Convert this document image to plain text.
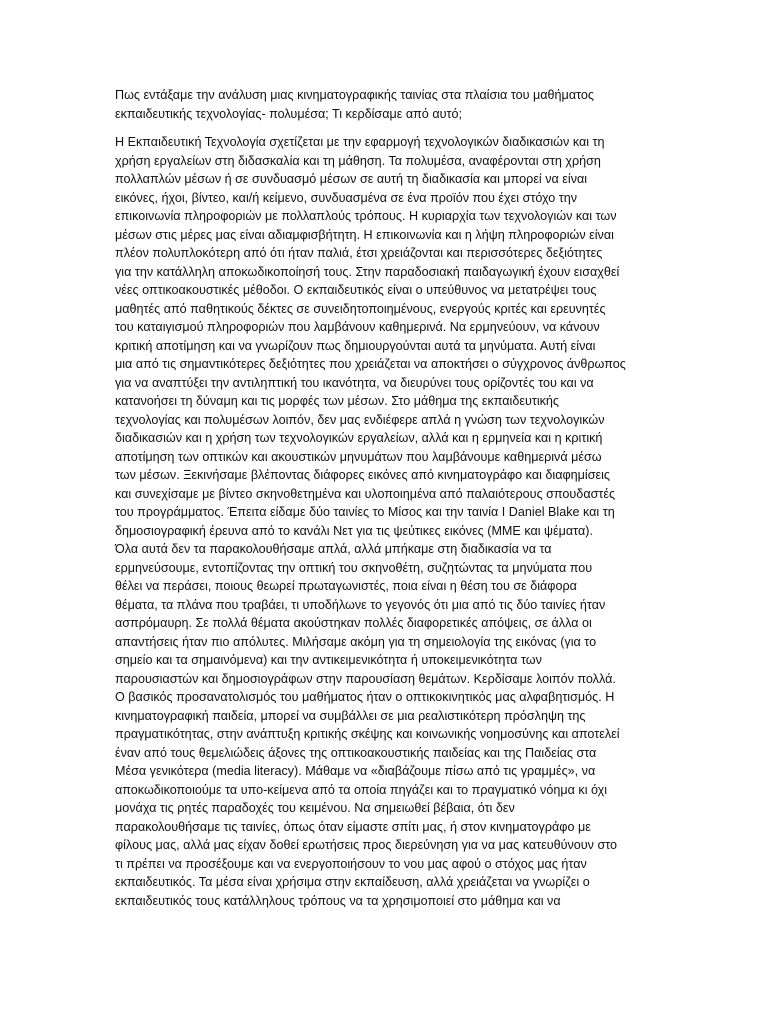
Πως εντάξαμε την ανάλυση μιας κινηματογραφικής ταινίας στα πλαίσια του μαθήματος
εκπαιδευτικής τεχνολογίας- πολυμέσα; Τι κερδίσαμε από αυτό;
Η Εκπαιδευτική Τεχνολογία σχετίζεται με την εφαρμογή τεχνολογικών διαδικασιών και τη
χρήση εργαλείων στη διδασκαλία και τη μάθηση. Τα πολυμέσα, αναφέρονται στη χρήση
πολλαπλών μέσων ή σε συνδυασμό μέσων σε αυτή τη διαδικασία και μπορεί να είναι
εικόνες, ήχοι, βίντεο, και/ή κείμενο, συνδυασμένα σε ένα προϊόν που έχει στόχο την
επικοινωνία πληροφοριών με πολλαπλούς τρόπους. Η κυριαρχία των τεχνολογιών και των
μέσων στις μέρες μας είναι αδιαμφισβήτητη. Η επικοινωνία και η λήψη πληροφοριών είναι
πλέον πολυπλοκότερη από ότι ήταν παλιά, έτσι χρειάζονται και περισσότερες δεξιότητες
για την κατάλληλη αποκωδικοποίησή τους. Στην παραδοσιακή παιδαγωγική έχουν εισαχθεί
νέες οπτικοακουστικές μέθοδοι. Ο εκπαιδευτικός είναι ο υπεύθυνος να μετατρέψει τους
μαθητές από παθητικούς δέκτες σε συνειδητοποιημένους, ενεργούς κριτές και ερευνητές
του καταιγισμού πληροφοριών που λαμβάνουν καθημερινά. Να ερμηνεύουν, να κάνουν
κριτική αποτίμηση και να γνωρίζουν πως δημιουργούνται αυτά τα μηνύματα. Αυτή είναι
μια από τις σημαντικότερες δεξιότητες που χρειάζεται να αποκτήσει ο σύγχρονος άνθρωπος
για να αναπτύξει την αντιληπτική του ικανότητα, να διευρύνει τους ορίζοντές του και να
κατανοήσει τη δύναμη και τις μορφές των μέσων. Στο μάθημα της εκπαιδευτικής
τεχνολογίας και πολυμέσων λοιπόν, δεν μας ενδιέφερε απλά η γνώση των τεχνολογικών
διαδικασιών και η χρήση των τεχνολογικών εργαλείων, αλλά και η ερμηνεία και η κριτική
αποτίμηση των οπτικών και ακουστικών μηνυμάτων που λαμβάνουμε καθημερινά μέσω
των μέσων. Ξεκινήσαμε βλέποντας διάφορες εικόνες από κινηματογράφο και διαφημίσεις
και συνεχίσαμε με βίντεο σκηνοθετημένα και υλοποιημένα από παλαιότερους σπουδαστές
του προγράμματος. Έπειτα είδαμε δύο ταινίες το Μίσος και την ταινία I Daniel Blake και τη
δημοσιογραφική έρευνα από το κανάλι Νετ για τις ψεύτικες εικόνες (ΜΜΕ και ψέματα).
Όλα αυτά δεν τα παρακολουθήσαμε απλά, αλλά μπήκαμε στη διαδικασία να τα
ερμηνεύσουμε, εντοπίζοντας την οπτική του σκηνοθέτη, συζητώντας τα μηνύματα που
θέλει να περάσει, ποιους θεωρεί πρωταγωνιστές, ποια είναι η θέση του σε διάφορα
θέματα, τα πλάνα που τραβάει, τι υποδήλωνε το γεγονός ότι μια από τις δύο ταινίες ήταν
ασπρόμαυρη. Σε πολλά θέματα ακούστηκαν πολλές διαφορετικές απόψεις, σε άλλα οι
απαντήσεις ήταν πιο απόλυτες. Μιλήσαμε ακόμη για τη σημειολογία της εικόνας (για το
σημείο και τα σημαινόμενα) και την αντικειμενικότητα ή υποκειμενικότητα των
παρουσιαστών και δημοσιογράφων στην παρουσίαση θεμάτων. Κερδίσαμε λοιπόν πολλά.
Ο βασικός προσανατολισμός του μαθήματος ήταν ο οπτικοκινητικός μας αλφαβητισμός. Η
κινηματογραφική παιδεία, μπορεί να συμβάλλει σε μια ρεαλιστικότερη πρόσληψη της
πραγματικότητας, στην ανάπτυξη κριτικής σκέψης και κοινωνικής νοημοσύνης και αποτελεί
έναν από τους θεμελιώδεις άξονες της οπτικοακουστικής παιδείας και της Παιδείας στα
Μέσα γενικότερα (media literacy). Μάθαμε να «διαβάζουμε πίσω από τις γραμμές», να
αποκωδικοποιούμε τα υπο-κείμενα από τα οποία πηγάζει και το πραγματικό νόημα κι όχι
μονάχα τις ρητές παραδοχές του κειμένου. Να σημειωθεί βέβαια, ότι δεν
παρακολουθήσαμε τις ταινίες, όπως όταν είμαστε σπίτι μας, ή στον κινηματογράφο με
φίλους μας, αλλά μας είχαν δοθεί ερωτήσεις προς διερεύνηση για να μας κατευθύνουν στο
τι πρέπει να προσέξουμε και να ενεργοποιήσουν το νου μας αφού ο στόχος μας ήταν
εκπαιδευτικός. Τα μέσα είναι χρήσιμα στην εκπαίδευση, αλλά χρειάζεται να γνωρίζει ο
εκπαιδευτικός τους κατάλληλους τρόπους να τα χρησιμοποιεί στο μάθημα και να
